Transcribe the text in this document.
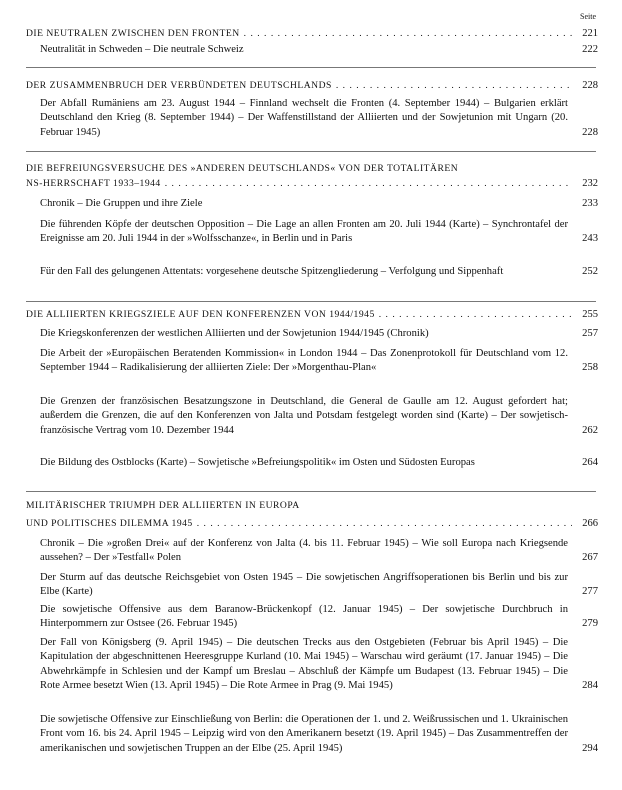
Seite
DIE NEUTRALEN ZWISCHEN DEN FRONTEN . . .	221
Neutralität in Schweden – Die neutrale Schweiz	222
DER ZUSAMMENBRUCH DER VERBÜNDETEN DEUTSCHLANDS . . .	228
Der Abfall Rumäniens am 23. August 1944 – Finnland wechselt die Fronten (4. September 1944) – Bulgarien erklärt Deutschland den Krieg (8. September 1944) – Der Waffenstillstand der Alliierten und der Sowjetunion mit Ungarn (20. Februar 1945)	228
DIE BEFREIUNGSVERSUCHE DES »ANDEREN DEUTSCHLANDS« VON DER TOTALITÄREN
NS-HERRSCHAFT 1933–1944 . . .	232
Chronik – Die Gruppen und ihre Ziele	233
Die führenden Köpfe der deutschen Opposition – Die Lage an allen Fronten am 20. Juli 1944 (Karte) – Synchrontafel der Ereignisse am 20. Juli 1944 in der »Wolfsschanze«, in Berlin und in Paris	243
Für den Fall des gelungenen Attentats: vorgesehene deutsche Spitzengliederung – Verfolgung und Sippenhaft	252
DIE ALLIIERTEN KRIEGSZIELE AUF DEN KONFERENZEN VON 1944/1945 . . .	255
Die Kriegskonferenzen der westlichen Alliierten und der Sowjetunion 1944/1945 (Chronik)	257
Die Arbeit der »Europäischen Beratenden Kommission« in London 1944 – Das Zonenprotokoll für Deutschland vom 12. September 1944 – Radikalisierung der alliierten Ziele: Der »Morgenthau-Plan«	258
Die Grenzen der französischen Besatzungszone in Deutschland, die General de Gaulle am 12. August gefordert hat; außerdem die Grenzen, die auf den Konferenzen von Jalta und Potsdam festgelegt worden sind (Karte) – Der sowjetisch-französische Vertrag vom 10. Dezember 1944	262
Die Bildung des Ostblocks (Karte) – Sowjetische »Befreiungspolitik« im Osten und Südosten Europas	264
MILITÄRISCHER TRIUMPH DER ALLIIERTEN IN EUROPA
UND POLITISCHES DILEMMA 1945 . . .	266
Chronik – Die »großen Drei« auf der Konferenz von Jalta (4. bis 11. Februar 1945) – Wie soll Europa nach Kriegsende aussehen? – Der »Testfall« Polen	267
Der Sturm auf das deutsche Reichsgebiet von Osten 1945 – Die sowjetischen Angriffsoperationen bis Berlin und bis zur Elbe (Karte)	277
Die sowjetische Offensive aus dem Baranow-Brückenkopf (12. Januar 1945) – Der sowjetische Durchbruch in Hinterpommern zur Ostsee (26. Februar 1945)	279
Der Fall von Königsberg (9. April 1945) – Die deutschen Trecks aus den Ostgebieten (Februar bis April 1945) – Die Kapitulation der abgeschnittenen Heeresgruppe Kurland (10. Mai 1945) – Warschau wird geräumt (17. Januar 1945) – Die Abwehrkämpfe in Schlesien und der Kampf um Breslau – Abschluß der Kämpfe um Budapest (13. Februar 1945) – Die Rote Armee besetzt Wien (13. April 1945) – Die Rote Armee in Prag (9. Mai 1945)	284
Die sowjetische Offensive zur Einschließung von Berlin: die Operationen der 1. und 2. Weißrussischen und 1. Ukrainischen Front vom 16. bis 24. April 1945 – Leipzig wird von den Amerikanern besetzt (19. April 1945) – Das Zusammentreffen der amerikanischen und sowjetischen Truppen an der Elbe (25. April 1945)	294
